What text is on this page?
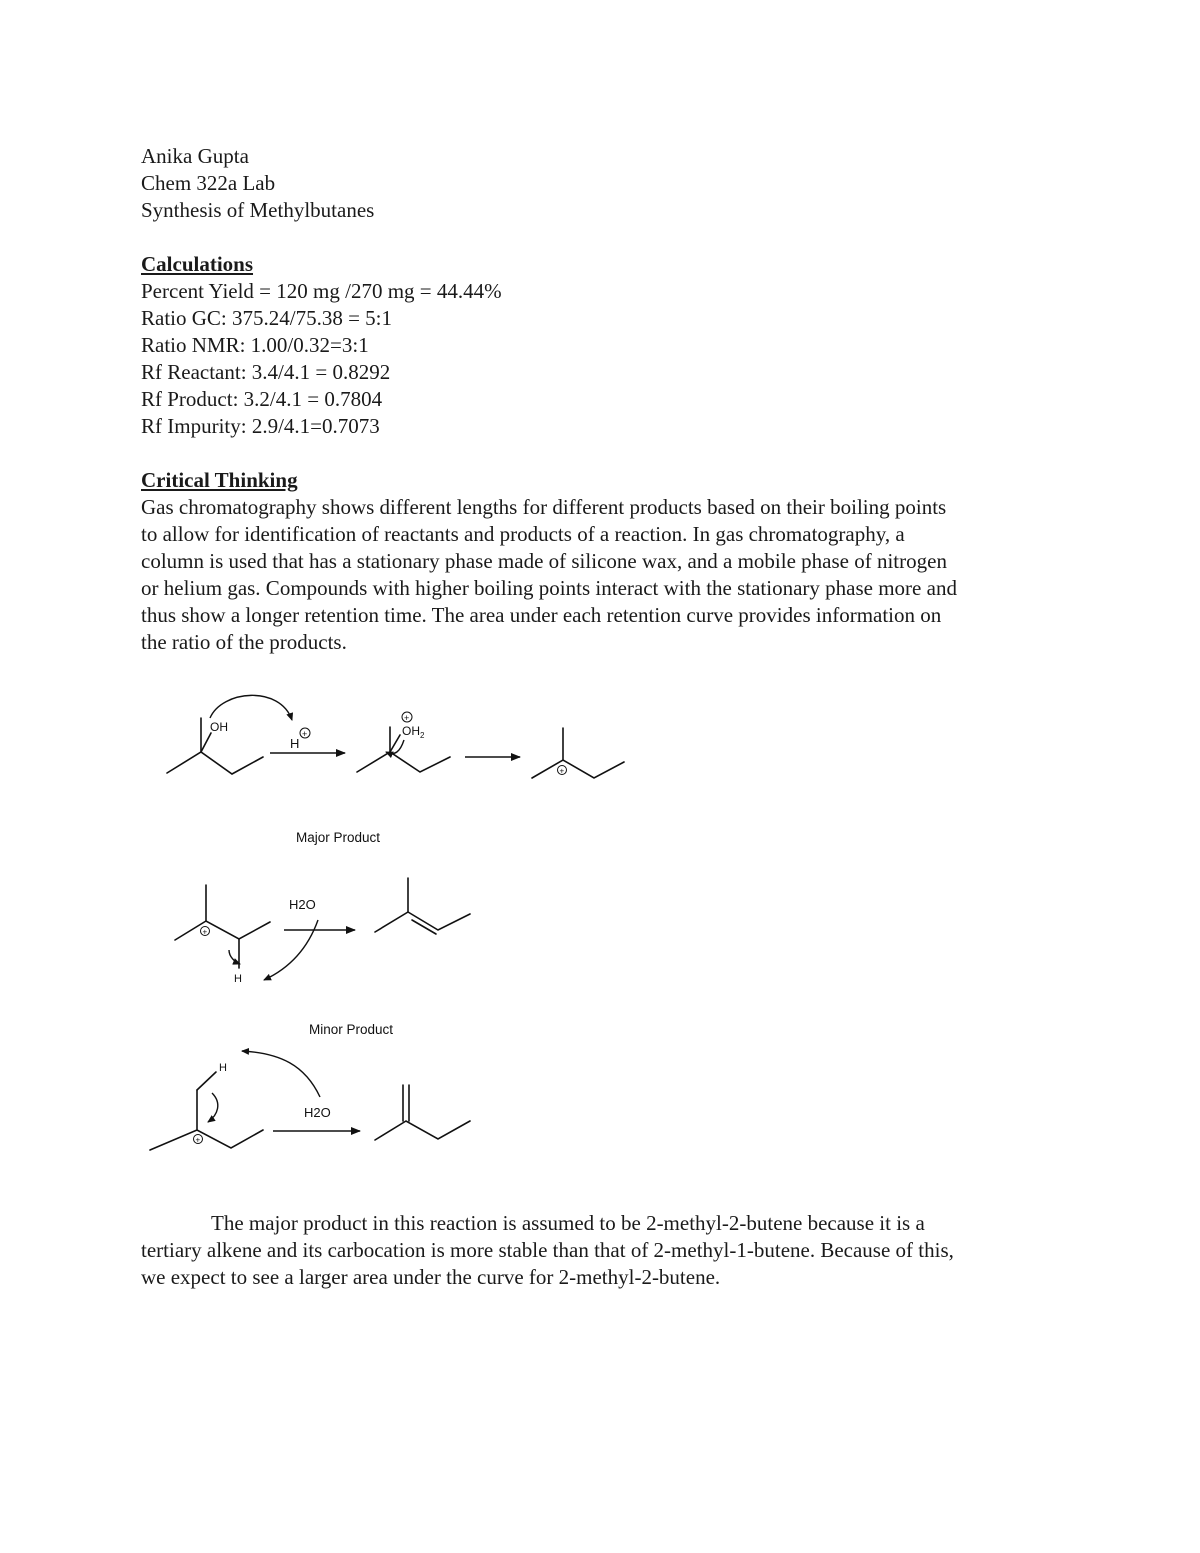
Anika Gupta
Chem 322a Lab
Synthesis of Methylbutanes
Calculations
Percent Yield = 120 mg /270 mg = 44.44%
Ratio GC: 375.24/75.38 = 5:1
Ratio NMR: 1.00/0.32=3:1
Rf Reactant: 3.4/4.1 = 0.8292
Rf Product: 3.2/4.1 = 0.7804
Rf Impurity: 2.9/4.1=0.7073
Critical Thinking
Gas chromatography shows different lengths for different products based on their boiling points
to allow for identification of reactants and products of a reaction. In gas chromatography, a
column is used that has a stationary phase made of silicone wax, and a mobile phase of nitrogen
or helium gas. Compounds with higher boiling points interact with the stationary phase more and
thus show a longer retention time. The area under each retention curve provides information on
the ratio of the products.
OH
H
+	$OH_2$
+
+
Major Product
+
H
H2O
Minor Product
+
H
H2O
The major product in this reaction is assumed to be 2-methyl-2-butene because it is a
tertiary alkene and its carbocation is more stable than that of 2-methyl-1-butene. Because of this,
we expect to see a larger area under the curve for 2-methyl-2-butene.
